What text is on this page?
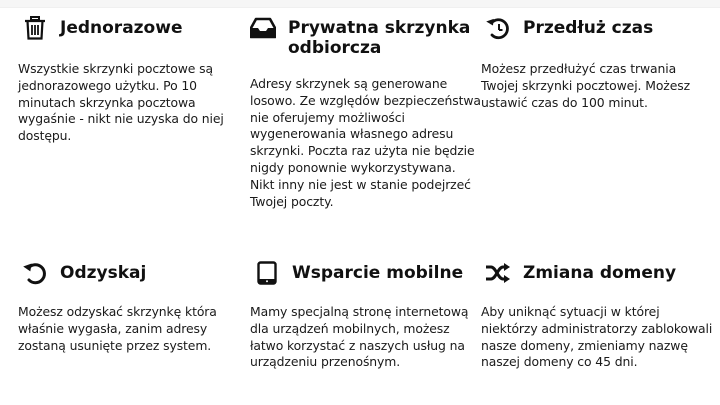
Jednorazowe
Wszystkie skrzynki pocztowe są jednorazowego użytku. Po 10 minutach skrzynka pocztowa wygaśnie - nikt nie uzyska do niej dostępu.
Prywatna skrzynka odbiorcza
Adresy skrzynek są generowane losowo. Ze względów bezpieczeństwa nie oferujemy możliwości wygenerowania własnego adresu skrzynki. Poczta raz użyta nie będzie nigdy ponownie wykorzystywana. Nikt inny nie jest w stanie podejrzeć Twojej poczty.
Przedłuż czas
Możesz przedłużyć czas trwania Twojej skrzynki pocztowej. Możesz ustawić czas do 100 minut.
Odzyskaj
Możesz odzyskać skrzynkę która właśnie wygasła, zanim adresy zostaną usunięte przez system.
Wsparcie mobilne
Mamy specjalną stronę internetową dla urządzeń mobilnych, możesz łatwo korzystać z naszych usług na urządzeniu przenośnym.
Zmiana domeny
Aby uniknąć sytuacji w której niektórzy administratorzy zablokowali nasze domeny, zmieniamy nazwę naszej domeny co 45 dni.
